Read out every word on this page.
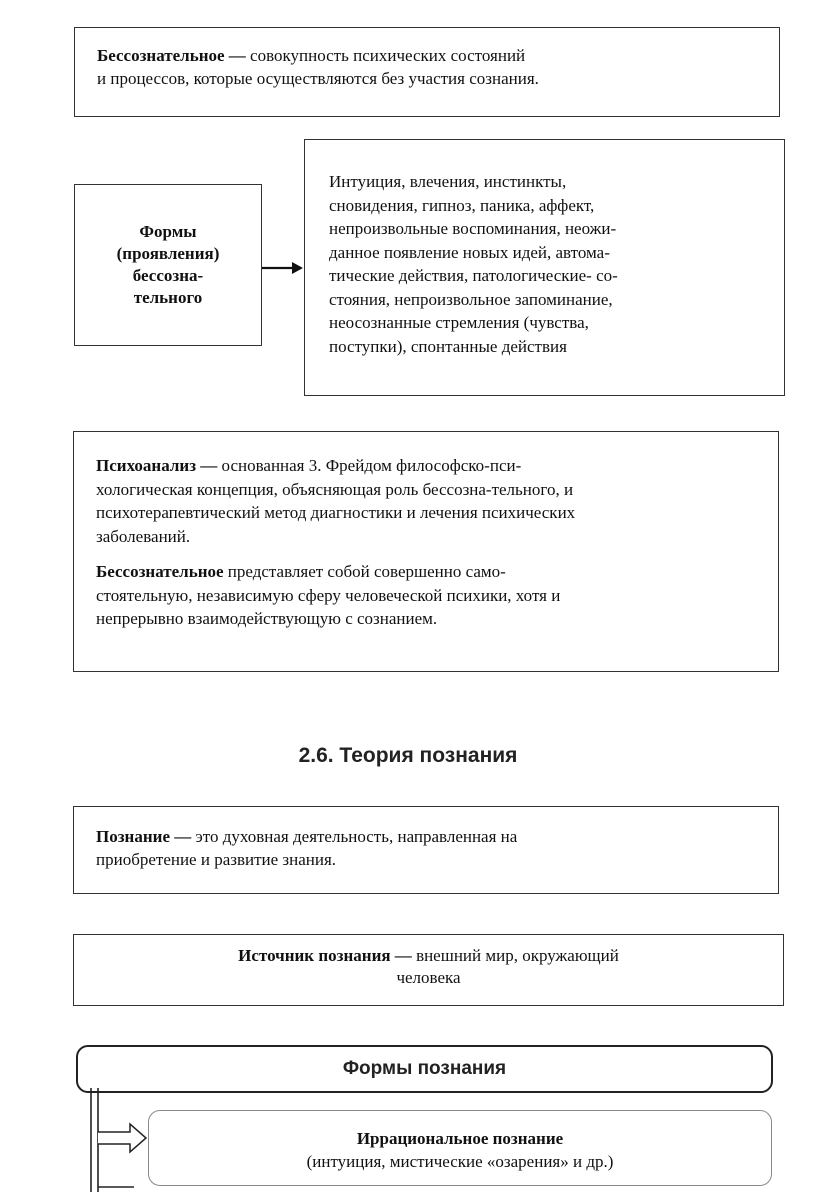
Бессознательное — совокупность психических состояний
и процессов, которые осуществляются без участия сознания.

Формы
(проявления)
бессозна-
тельного
Интуиция, влечения, инстинкты,
сновидения, гипноз, паника, аффект,
непроизвольные воспоминания, неожи-
данное появление новых идей, автома-
тические действия, патологические- со-
стояния, непроизвольное запоминание,
неосознанные стремления (чувства,
поступки), спонтанные действия

Психоанализ — основанная 3. Фрейдом философско-пси-
хологическая концепция, объясняющая роль бессозна-тельного, и
психотерапевтический метод диагностики и лечения психических
заболеваний.

Бессознательное представляет собой совершенно само-
стоятельную, независимую сферу человеческой психики, хотя и
непрерывно взаимодействующую с сознанием.

2.6. Теория познания

Познание — это духовная деятельность, направленная на
приобретение и развитие знания.

Источник познания — внешний мир, окружающий
человека
Формы познания
Иррациональное познание
(интуиция, мистические «озарения» и др.)
